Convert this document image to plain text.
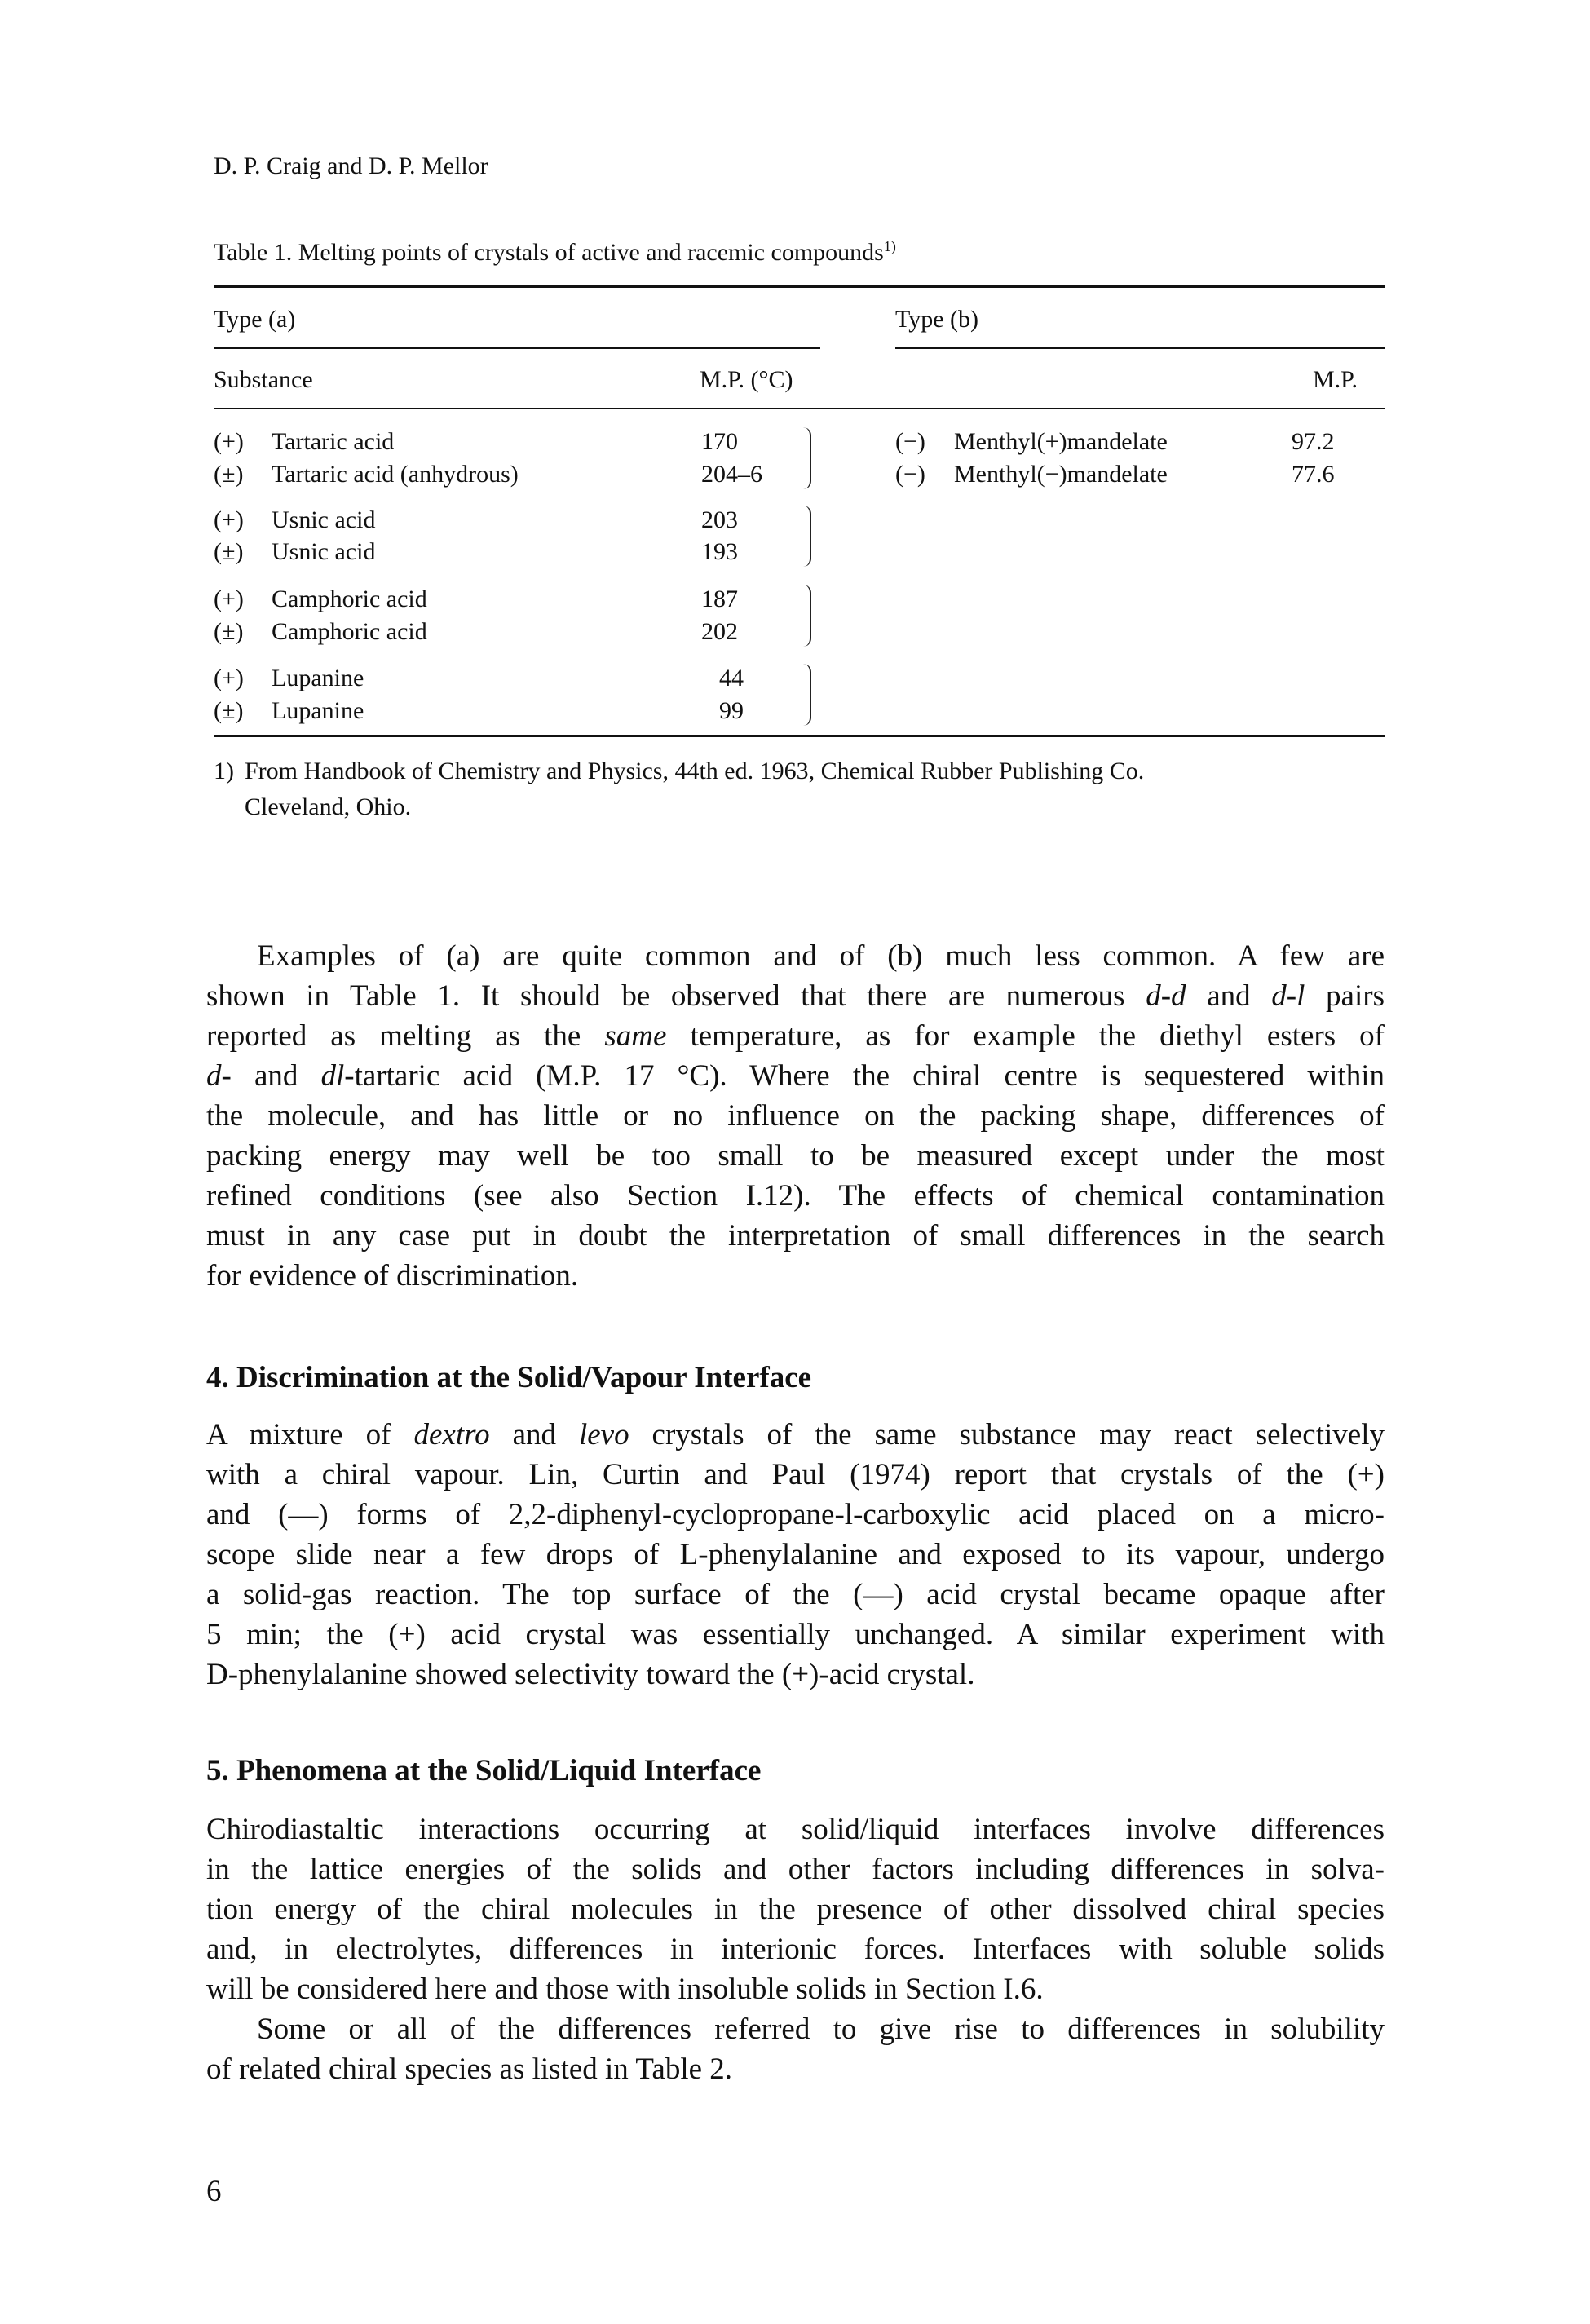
D. P. Craig and D. P. Mellor
Table 1. Melting points of crystals of active and racemic compounds$^{1)}$
Type (a)	Type (b)
Substance	M.P. (°C)	M.P.
(+) Tartaric acid	170
(±) Tartaric acid (anhydrous)	204–6
(+) Usnic acid	203
(±) Usnic acid	193
(+) Camphoric acid	187
(±) Camphoric acid	202
(+) Lupanine	44
(±) Lupanine	99
(−) Menthyl(+)mandelate	97.2
(−) Menthyl(−)mandelate	77.6
1) From Handbook of Chemistry and Physics, 44th ed. 1963, Chemical Rubber Publishing Co.
Cleveland, Ohio.
Examples of (a) are quite common and of (b) much less common. A few are
shown in Table 1. It should be observed that there are numerous d-d and d-l pairs
reported as melting as the same temperature, as for example the diethyl esters of
d- and dl-tartaric acid (M.P. 17 °C). Where the chiral centre is sequestered within
the molecule, and has little or no influence on the packing shape, differences of
packing energy may well be too small to be measured except under the most
refined conditions (see also Section I.12). The effects of chemical contamination
must in any case put in doubt the interpretation of small differences in the search
for evidence of discrimination.
4. Discrimination at the Solid/Vapour Interface
A mixture of dextro and levo crystals of the same substance may react selectively
with a chiral vapour. Lin, Curtin and Paul (1974) report that crystals of the (+)
and (—) forms of 2,2-diphenyl-cyclopropane-l-carboxylic acid placed on a micro-
scope slide near a few drops of L-phenylalanine and exposed to its vapour, undergo
a solid-gas reaction. The top surface of the (—) acid crystal became opaque after
5 min; the (+) acid crystal was essentially unchanged. A similar experiment with
D-phenylalanine showed selectivity toward the (+)-acid crystal.
5. Phenomena at the Solid/Liquid Interface
Chirodiastaltic interactions occurring at solid/liquid interfaces involve differences
in the lattice energies of the solids and other factors including differences in solva-
tion energy of the chiral molecules in the presence of other dissolved chiral species
and, in electrolytes, differences in interionic forces. Interfaces with soluble solids
will be considered here and those with insoluble solids in Section I.6.
Some or all of the differences referred to give rise to differences in solubility
of related chiral species as listed in Table 2.
6
